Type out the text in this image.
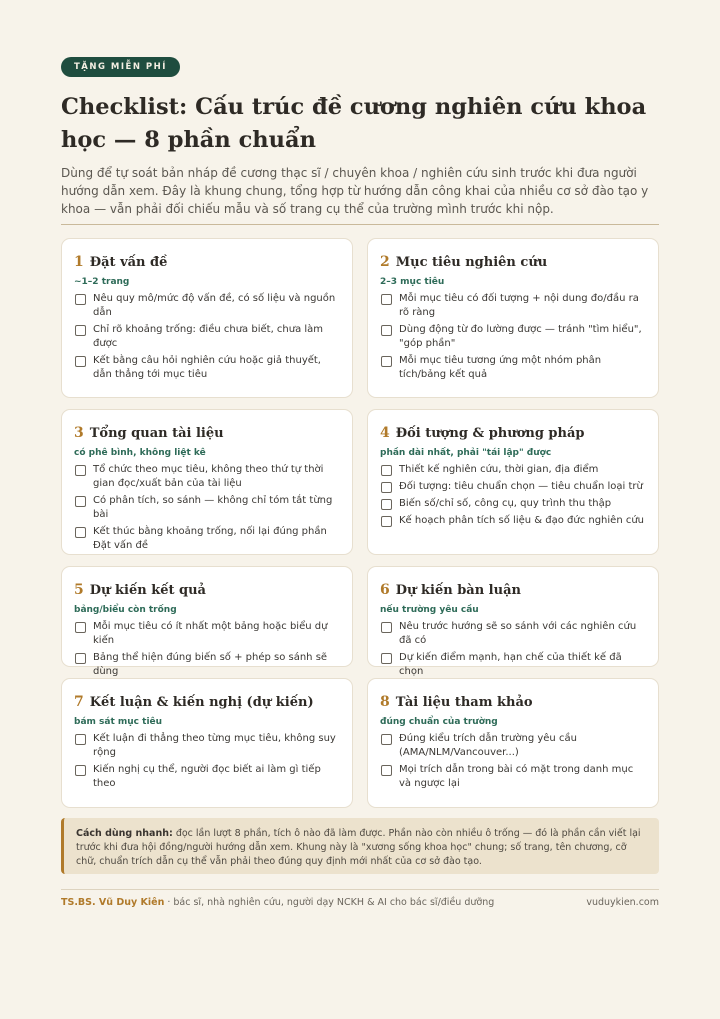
TẶNG MIỄN PHÍ
Checklist: Cấu trúc đề cương nghiên cứu khoa học — 8 phần chuẩn

Dùng để tự soát bản nháp đề cương thạc sĩ / chuyên khoa / nghiên cứu sinh trước khi đưa người hướng dẫn xem. Đây là khung chung, tổng hợp từ hướng dẫn công khai của nhiều cơ sở đào tạo y khoa — vẫn phải đối chiếu mẫu và số trang cụ thể của trường mình trước khi nộp.

1 Đặt vấn đề
~1–2 trang
Nêu quy mô/mức độ vấn đề, có số liệu và nguồn dẫn
Chỉ rõ khoảng trống: điều chưa biết, chưa làm được
Kết bằng câu hỏi nghiên cứu hoặc giả thuyết, dẫn thẳng tới mục tiêu
2 Mục tiêu nghiên cứu
2–3 mục tiêu
Mỗi mục tiêu có đối tượng + nội dung đo/đầu ra rõ ràng
Dùng động từ đo lường được — tránh "tìm hiểu", "góp phần"
Mỗi mục tiêu tương ứng một nhóm phân tích/bảng kết quả
3 Tổng quan tài liệu
có phê bình, không liệt kê
Tổ chức theo mục tiêu, không theo thứ tự thời gian đọc/xuất bản của tài liệu
Có phân tích, so sánh — không chỉ tóm tắt từng bài
Kết thúc bằng khoảng trống, nối lại đúng phần Đặt vấn đề
4 Đối tượng & phương pháp
phần dài nhất, phải "tái lập" được
Thiết kế nghiên cứu, thời gian, địa điểm
Đối tượng: tiêu chuẩn chọn — tiêu chuẩn loại trừ
Biến số/chỉ số, công cụ, quy trình thu thập
Kế hoạch phân tích số liệu & đạo đức nghiên cứu
5 Dự kiến kết quả
bảng/biểu còn trống
Mỗi mục tiêu có ít nhất một bảng hoặc biểu dự kiến
Bảng thể hiện đúng biến số + phép so sánh sẽ dùng
6 Dự kiến bàn luận
nếu trường yêu cầu
Nêu trước hướng sẽ so sánh với các nghiên cứu đã có
Dự kiến điểm mạnh, hạn chế của thiết kế đã chọn
7 Kết luận & kiến nghị (dự kiến)
bám sát mục tiêu
Kết luận đi thẳng theo từng mục tiêu, không suy rộng
Kiến nghị cụ thể, người đọc biết ai làm gì tiếp theo
8 Tài liệu tham khảo
đúng chuẩn của trường
Đúng kiểu trích dẫn trường yêu cầu (AMA/NLM/Vancouver...)
Mọi trích dẫn trong bài có mặt trong danh mục và ngược lại
Cách dùng nhanh: đọc lần lượt 8 phần, tích ô nào đã làm được. Phần nào còn nhiều ô trống — đó là phần cần viết lại trước khi đưa hội đồng/người hướng dẫn xem. Khung này là "xương sống khoa học" chung; số trang, tên chương, cỡ chữ, chuẩn trích dẫn cụ thể vẫn phải theo đúng quy định mới nhất của cơ sở đào tạo.
TS.BS. Vũ Duy Kiên · bác sĩ, nhà nghiên cứu, người dạy NCKH & AI cho bác sĩ/điều dưỡng	vuduykien.com
